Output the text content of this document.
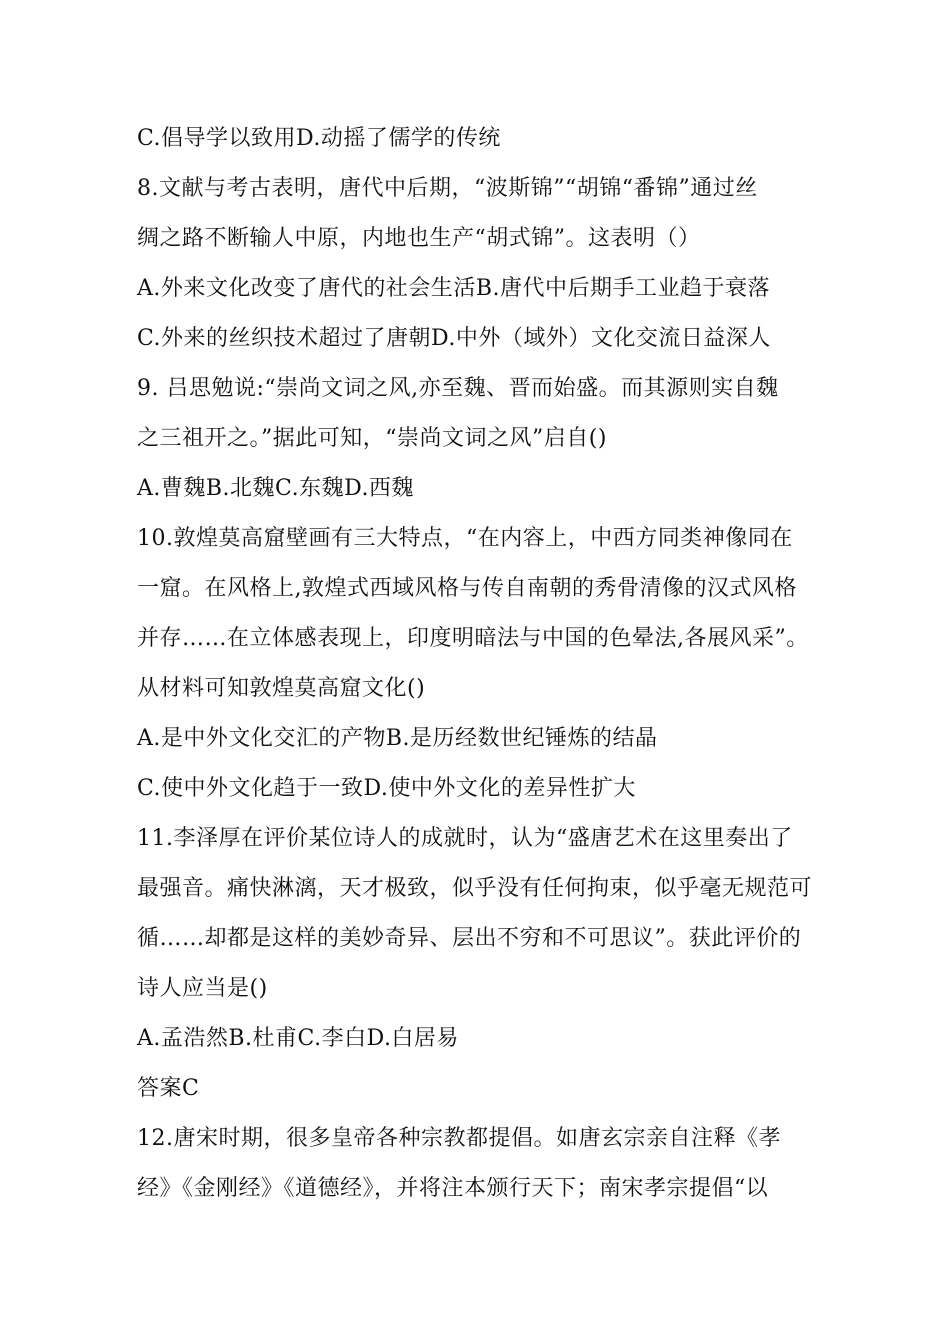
C.倡导学以致用D.动摇了儒学的传统
8.文献与考古表明，唐代中后期，“波斯锦”“胡锦“番锦”通过丝
绸之路不断输人中原，内地也生产“胡式锦”。这表明（）
A.外来文化改变了唐代的社会生活B.唐代中后期手工业趋于衰落
C.外来的丝织技术超过了唐朝D.中外（域外）文化交流日益深人
9. 吕思勉说:“崇尚文词之风,亦至魏、晋而始盛。而其源则实自魏
之三祖开之。”据此可知，“崇尚文词之风”启自()
A.曹魏B.北魏C.东魏D.西魏
10.敦煌莫高窟壁画有三大特点，“在内容上，中西方同类神像同在
一窟。在风格上,敦煌式西域风格与传自南朝的秀骨清像的汉式风格
并存……在立体感表现上，印度明暗法与中国的色晕法,各展风采”。
从材料可知敦煌莫高窟文化()
A.是中外文化交汇的产物B.是历经数世纪锤炼的结晶
C.使中外文化趋于一致D.使中外文化的差异性扩大
11.李泽厚在评价某位诗人的成就时，认为“盛唐艺术在这里奏出了
最强音。痛快淋漓，天才极致，似乎没有任何拘束，似乎毫无规范可
循……却都是这样的美妙奇异、层出不穷和不可思议”。获此评价的
诗人应当是()
A.孟浩然B.杜甫C.李白D.白居易
答案C
12.唐宋时期，很多皇帝各种宗教都提倡。如唐玄宗亲自注释《孝
经》《金刚经》《道德经》，并将注本颁行天下；南宋孝宗提倡“以
